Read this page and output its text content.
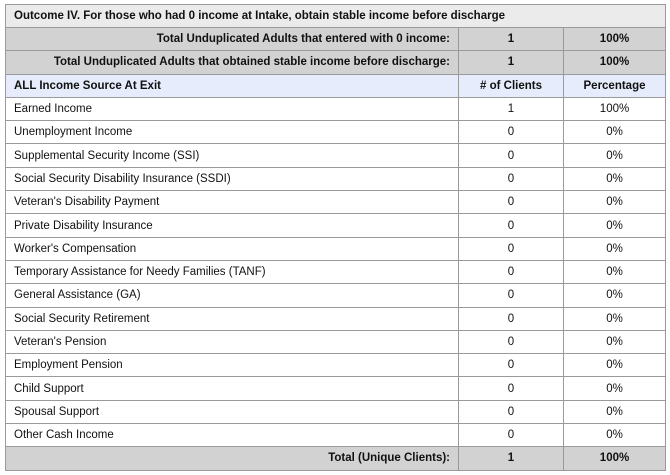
Outcome IV. For those who had 0 income at Intake, obtain stable income before discharge		
Total Unduplicated Adults that entered with 0 income:	1	100%
Total Unduplicated Adults that obtained stable income before discharge:	1	100%
ALL Income Source At Exit	# of Clients	Percentage
Earned Income	1	100%
Unemployment Income	0	0%
Supplemental Security Income (SSI)	0	0%
Social Security Disability Insurance (SSDI)	0	0%
Veteran's Disability Payment	0	0%
Private Disability Insurance	0	0%
Worker's Compensation	0	0%
Temporary Assistance for Needy Families (TANF)	0	0%
General Assistance (GA)	0	0%
Social Security Retirement	0	0%
Veteran's Pension	0	0%
Employment Pension	0	0%
Child Support	0	0%
Spousal Support	0	0%
Other Cash Income	0	0%
Total (Unique Clients):	1	100%
